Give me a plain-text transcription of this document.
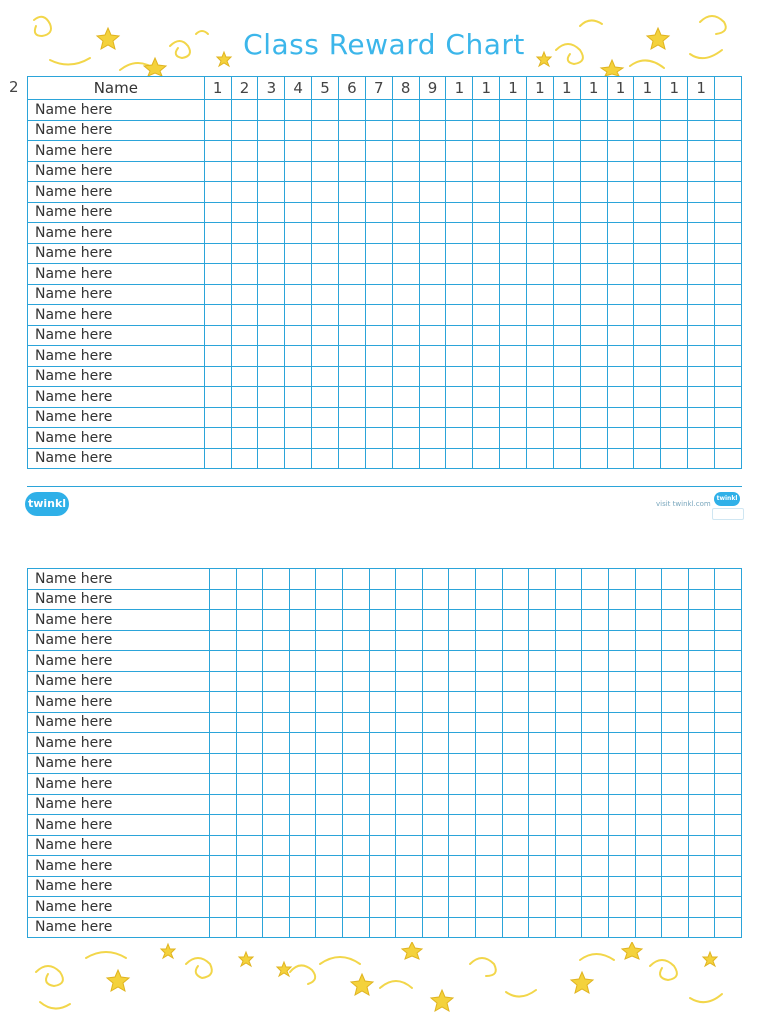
Class Reward Chart
2	Name	1	2	3	4	5	6	7	8	9	1	1	1	1	1	1	1	1	1	1	
Name here																				
Name here																				
Name here																				
Name here																				
Name here																				
Name here																				
Name here																				
Name here																				
Name here																				
Name here																				
Name here																				
Name here																				
Name here																				
Name here																				
Name here																				
Name here																				
Name here																				
Name here																				
twinkl	visit twinkl.com
twinkl
Name here																				
Name here																				
Name here																				
Name here																				
Name here																				
Name here																				
Name here																				
Name here																				
Name here																				
Name here																				
Name here																				
Name here																				
Name here																				
Name here																				
Name here																				
Name here																				
Name here																				
Name here																				
